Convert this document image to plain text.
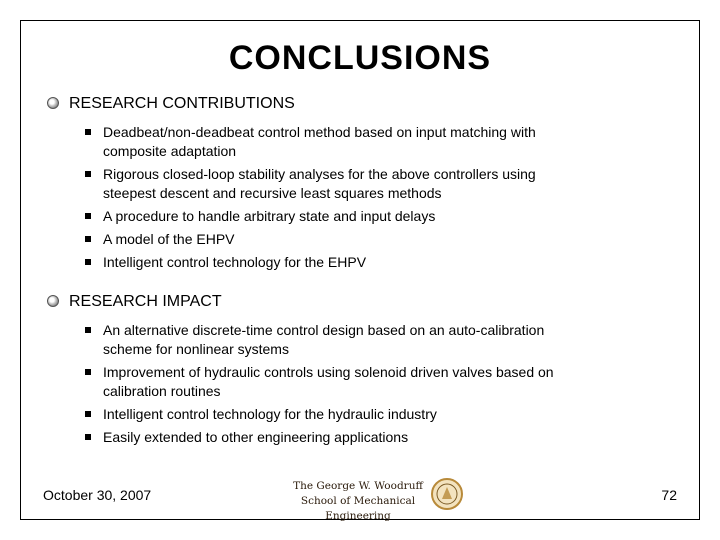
CONCLUSIONS
RESEARCH CONTRIBUTIONS
Deadbeat/non-deadbeat control method based on input matching with
composite adaptation
Rigorous closed-loop stability analyses for the above controllers using
steepest descent and recursive least squares methods
A procedure to handle arbitrary state and input delays
A model of the EHPV
Intelligent control technology for the EHPV
RESEARCH IMPACT
An alternative discrete-time control design based on an auto-calibration
scheme for nonlinear systems
Improvement of hydraulic controls using solenoid driven valves based on
calibration routines
Intelligent control technology for the hydraulic industry
Easily extended to other engineering applications
October 30, 2007
The George W. Woodruff
School of Mechanical Engineering
72
